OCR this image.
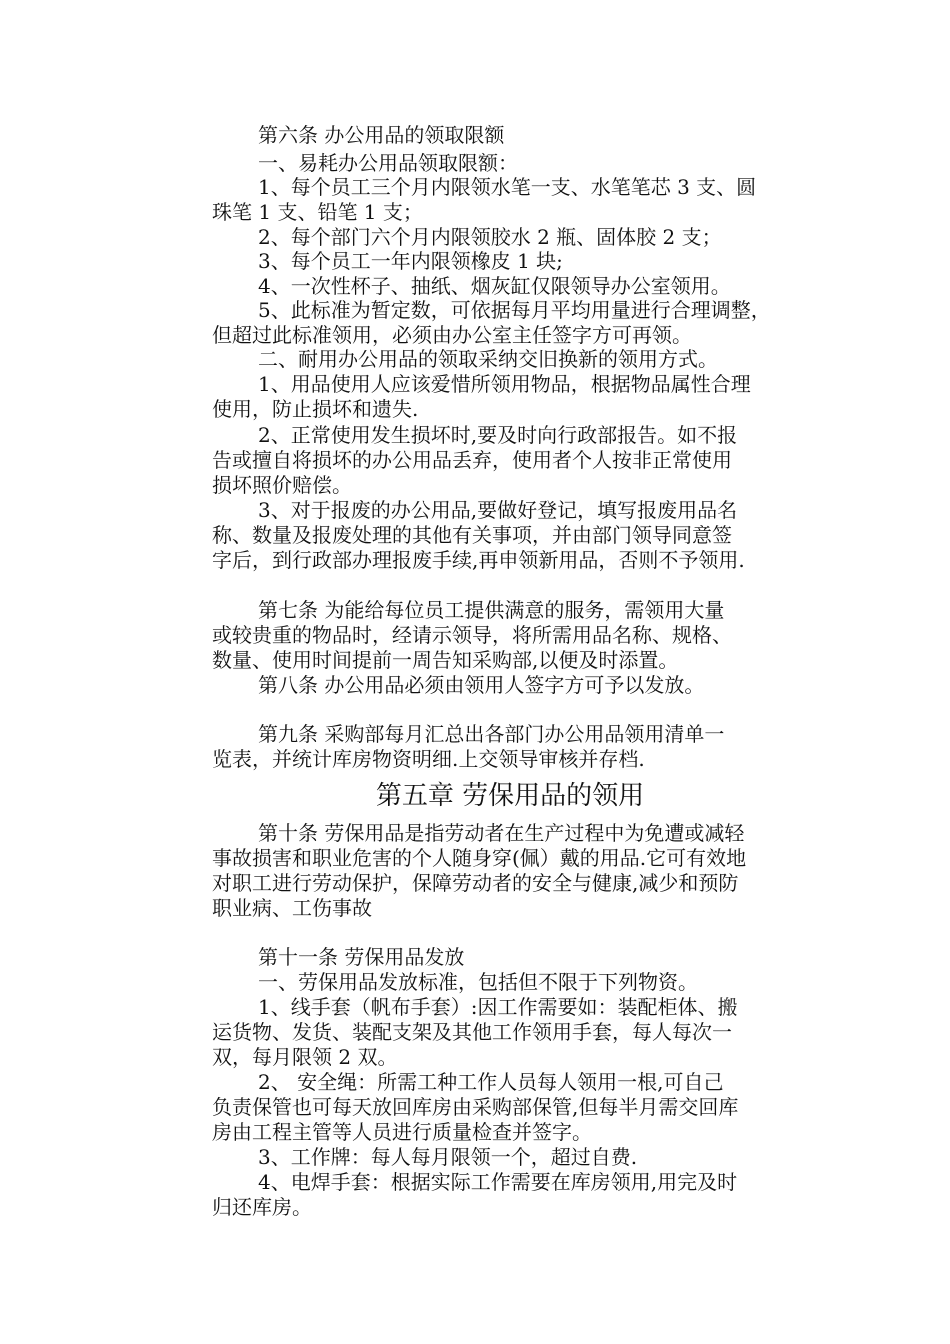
第六条 办公用品的领取限额
一、易耗办公用品领取限额：
1、每个员工三个月内限领水笔一支、水笔笔芯 3 支、圆
珠笔 1 支、铅笔 1 支；
2、每个部门六个月内限领胶水 2 瓶、固体胶 2 支；
3、每个员工一年内限领橡皮 1 块;
4、一次性杯子、抽纸、烟灰缸仅限领导办公室领用。
5、此标准为暂定数，可依据每月平均用量进行合理调整，
但超过此标准领用，必须由办公室主任签字方可再领。
二、耐用办公用品的领取采纳交旧换新的领用方式。
1、用品使用人应该爱惜所领用物品，根据物品属性合理
使用，防止损坏和遗失.
2、正常使用发生损坏时,要及时向行政部报告。如不报
告或擅自将损坏的办公用品丢弃，使用者个人按非正常使用
损坏照价赔偿。
3、对于报废的办公用品,要做好登记，填写报废用品名
称、数量及报废处理的其他有关事项，并由部门领导同意签
字后，到行政部办理报废手续,再申领新用品，否则不予领用.
第七条 为能给每位员工提供满意的服务，需领用大量
或较贵重的物品时，经请示领导，将所需用品名称、规格、
数量、使用时间提前一周告知采购部,以便及时添置。
第八条 办公用品必须由领用人签字方可予以发放。
第九条 采购部每月汇总出各部门办公用品领用清单一
览表，并统计库房物资明细.上交领导审核并存档.
第五章 劳保用品的领用
第十条 劳保用品是指劳动者在生产过程中为免遭或减轻
事故损害和职业危害的个人随身穿(佩）戴的用品.它可有效地
对职工进行劳动保护，保障劳动者的安全与健康,减少和预防
职业病、工伤事故
第十一条 劳保用品发放
一、劳保用品发放标准，包括但不限于下列物资。
1、线手套（帆布手套）:因工作需要如：装配柜体、搬
运货物、发货、装配支架及其他工作领用手套，每人每次一
双，每月限领 2 双。
2、 安全绳：所需工种工作人员每人领用一根,可自己
负责保管也可每天放回库房由采购部保管,但每半月需交回库
房由工程主管等人员进行质量检查并签字。
3、工作牌：每人每月限领一个，超过自费.
4、电焊手套：根据实际工作需要在库房领用,用完及时
归还库房。
